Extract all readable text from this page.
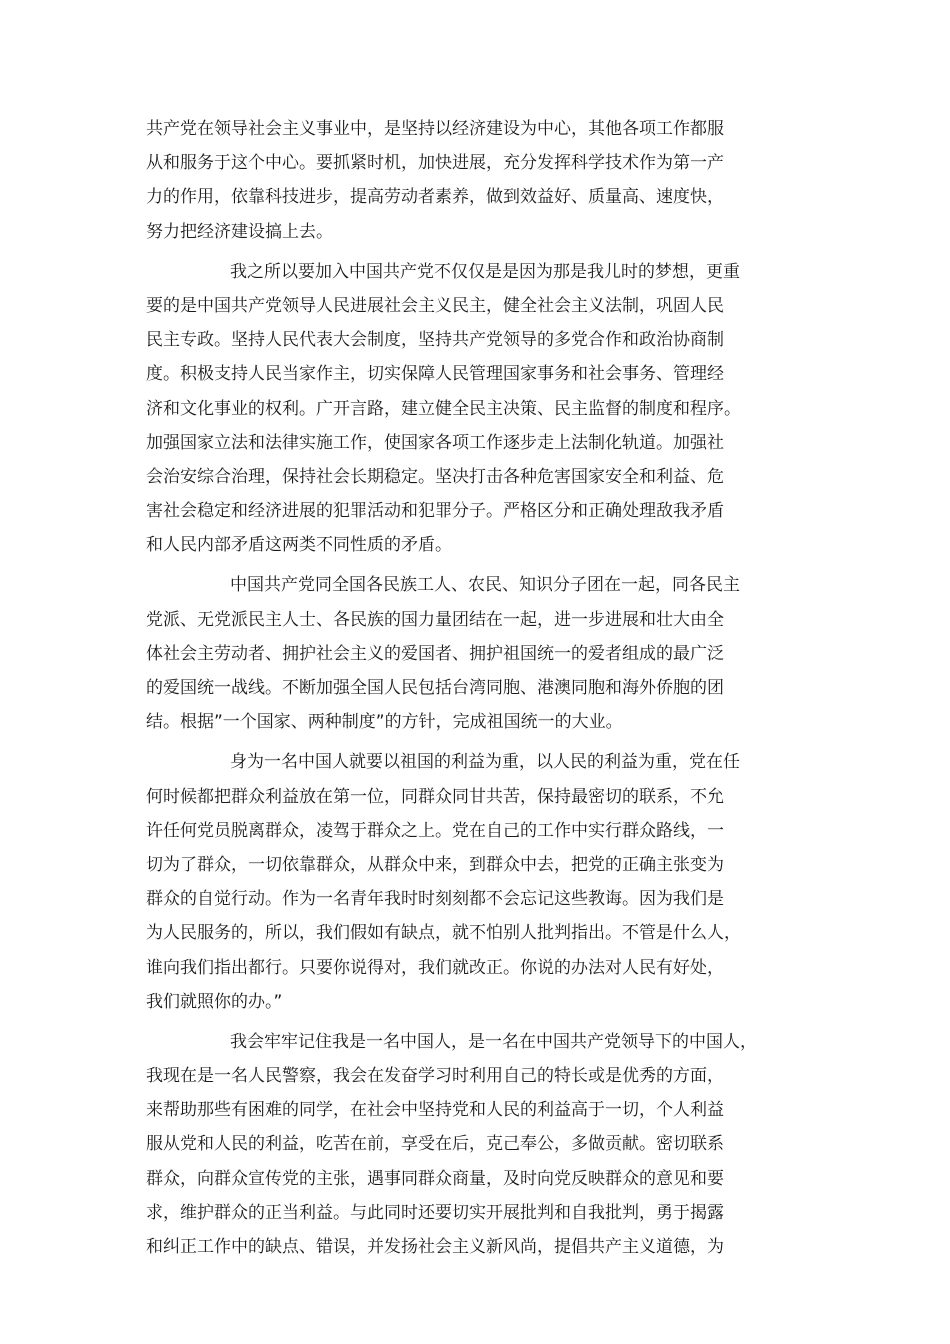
共产党在领导社会主义事业中，是坚持以经济建设为中心，其他各项工作都服
从和服务于这个中心。要抓紧时机，加快进展，充分发挥科学技术作为第一产
力的作用，依靠科技进步，提高劳动者素养，做到效益好、质量高、速度快，
努力把经济建设搞上去。
我之所以要加入中国共产党不仅仅是是因为那是我儿时的梦想，更重
要的是中国共产党领导人民进展社会主义民主，健全社会主义法制，巩固人民
民主专政。坚持人民代表大会制度，坚持共产党领导的多党合作和政治协商制
度。积极支持人民当家作主，切实保障人民管理国家事务和社会事务、管理经
济和文化事业的权利。广开言路，建立健全民主决策、民主监督的制度和程序。
加强国家立法和法律实施工作，使国家各项工作逐步走上法制化轨道。加强社
会治安综合治理，保持社会长期稳定。坚决打击各种危害国家安全和利益、危
害社会稳定和经济进展的犯罪活动和犯罪分子。严格区分和正确处理敌我矛盾
和人民内部矛盾这两类不同性质的矛盾。
中国共产党同全国各民族工人、农民、知识分子团在一起，同各民主
党派、无党派民主人士、各民族的国力量团结在一起，进一步进展和壮大由全
体社会主劳动者、拥护社会主义的爱国者、拥护祖国统一的爱者组成的最广泛
的爱国统一战线。不断加强全国人民包括台湾同胞、港澳同胞和海外侨胞的团
结。根据”一个国家、两种制度”的方针，完成祖国统一的大业。
身为一名中国人就要以祖国的利益为重，以人民的利益为重，党在任
何时候都把群众利益放在第一位，同群众同甘共苦，保持最密切的联系，不允
许任何党员脱离群众，凌驾于群众之上。党在自己的工作中实行群众路线，一
切为了群众，一切依靠群众，从群众中来，到群众中去，把党的正确主张变为
群众的自觉行动。作为一名青年我时时刻刻都不会忘记这些教诲。因为我们是
为人民服务的，所以，我们假如有缺点，就不怕别人批判指出。不管是什么人，
谁向我们指出都行。只要你说得对，我们就改正。你说的办法对人民有好处，
我们就照你的办。”
我会牢牢记住我是一名中国人，是一名在中国共产党领导下的中国人，
我现在是一名人民警察，我会在发奋学习时利用自己的特长或是优秀的方面，
来帮助那些有困难的同学，在社会中坚持党和人民的利益高于一切，个人利益
服从党和人民的利益，吃苦在前，享受在后，克己奉公，多做贡献。密切联系
群众，向群众宣传党的主张，遇事同群众商量，及时向党反映群众的意见和要
求，维护群众的正当利益。与此同时还要切实开展批判和自我批判，勇于揭露
和纠正工作中的缺点、错误，并发扬社会主义新风尚，提倡共产主义道德，为
